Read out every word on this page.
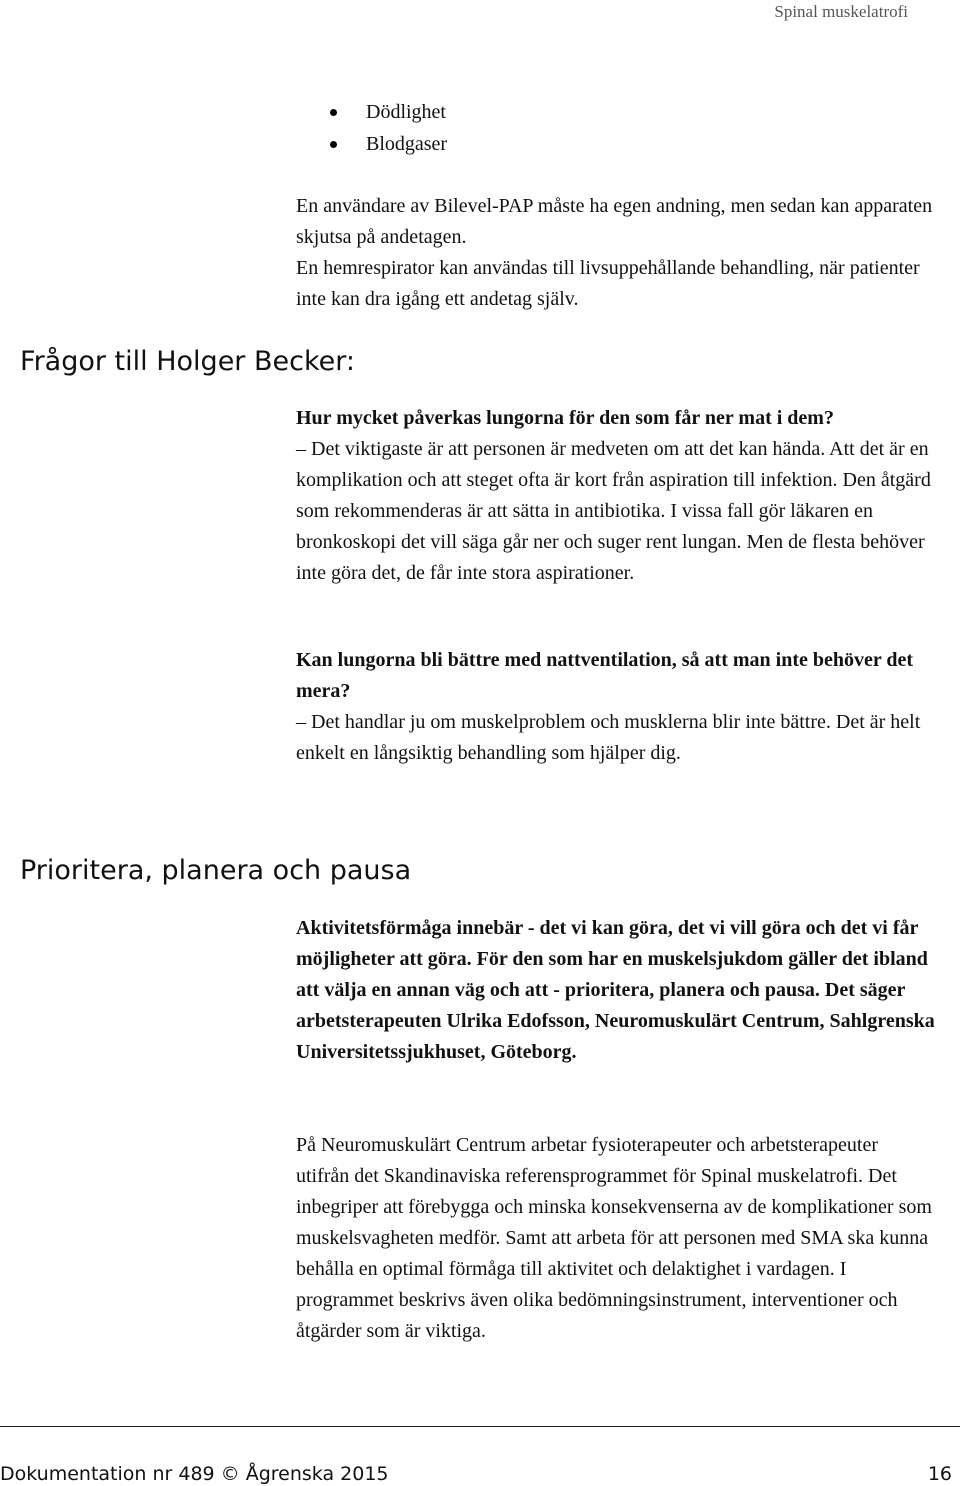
Spinal muskelatrofi
Dödlighet
Blodgaser

En användare av Bilevel-PAP måste ha egen andning, men sedan kan apparaten skjutsa på andetagen.

En hemrespirator kan användas till livsuppehållande behandling, när patienter inte kan dra igång ett andetag själv.

Frågor till Holger Becker:

Hur mycket påverkas lungorna för den som får ner mat i dem?

– Det viktigaste är att personen är medveten om att det kan hända. Att det är en komplikation och att steget ofta är kort från aspiration till infektion. Den åtgärd som rekommenderas är att sätta in antibiotika. I vissa fall gör läkaren en bronkoskopi det vill säga går ner och suger rent lungan. Men de flesta behöver inte göra det, de får inte stora aspirationer.

Kan lungorna bli bättre med nattventilation, så att man inte behöver det mera?

– Det handlar ju om muskelproblem och musklerna blir inte bättre. Det är helt enkelt en långsiktig behandling som hjälper dig.

Prioritera, planera och pausa
Aktivitetsförmåga innebär - det vi kan göra, det vi vill göra och det vi får möjligheter att göra. För den som har en muskelsjukdom gäller det ibland att välja en annan väg och att - prioritera, planera och pausa. Det säger arbetsterapeuten Ulrika Edofsson, Neuromuskulärt Centrum, Sahlgrenska Universitetssjukhuset, Göteborg.
På Neuromuskulärt Centrum arbetar fysioterapeuter och arbetsterapeuter utifrån det Skandinaviska referensprogrammet för Spinal muskelatrofi. Det inbegriper att förebygga och minska konsekvenserna av de komplikationer som muskelsvagheten medför. Samt att arbeta för att personen med SMA ska kunna behålla en optimal förmåga till aktivitet och delaktighet i vardagen. I programmet beskrivs även olika bedömningsinstrument, interventioner och åtgärder som är viktiga.
Dokumentation nr 489 © Ågrenska 2015	16
